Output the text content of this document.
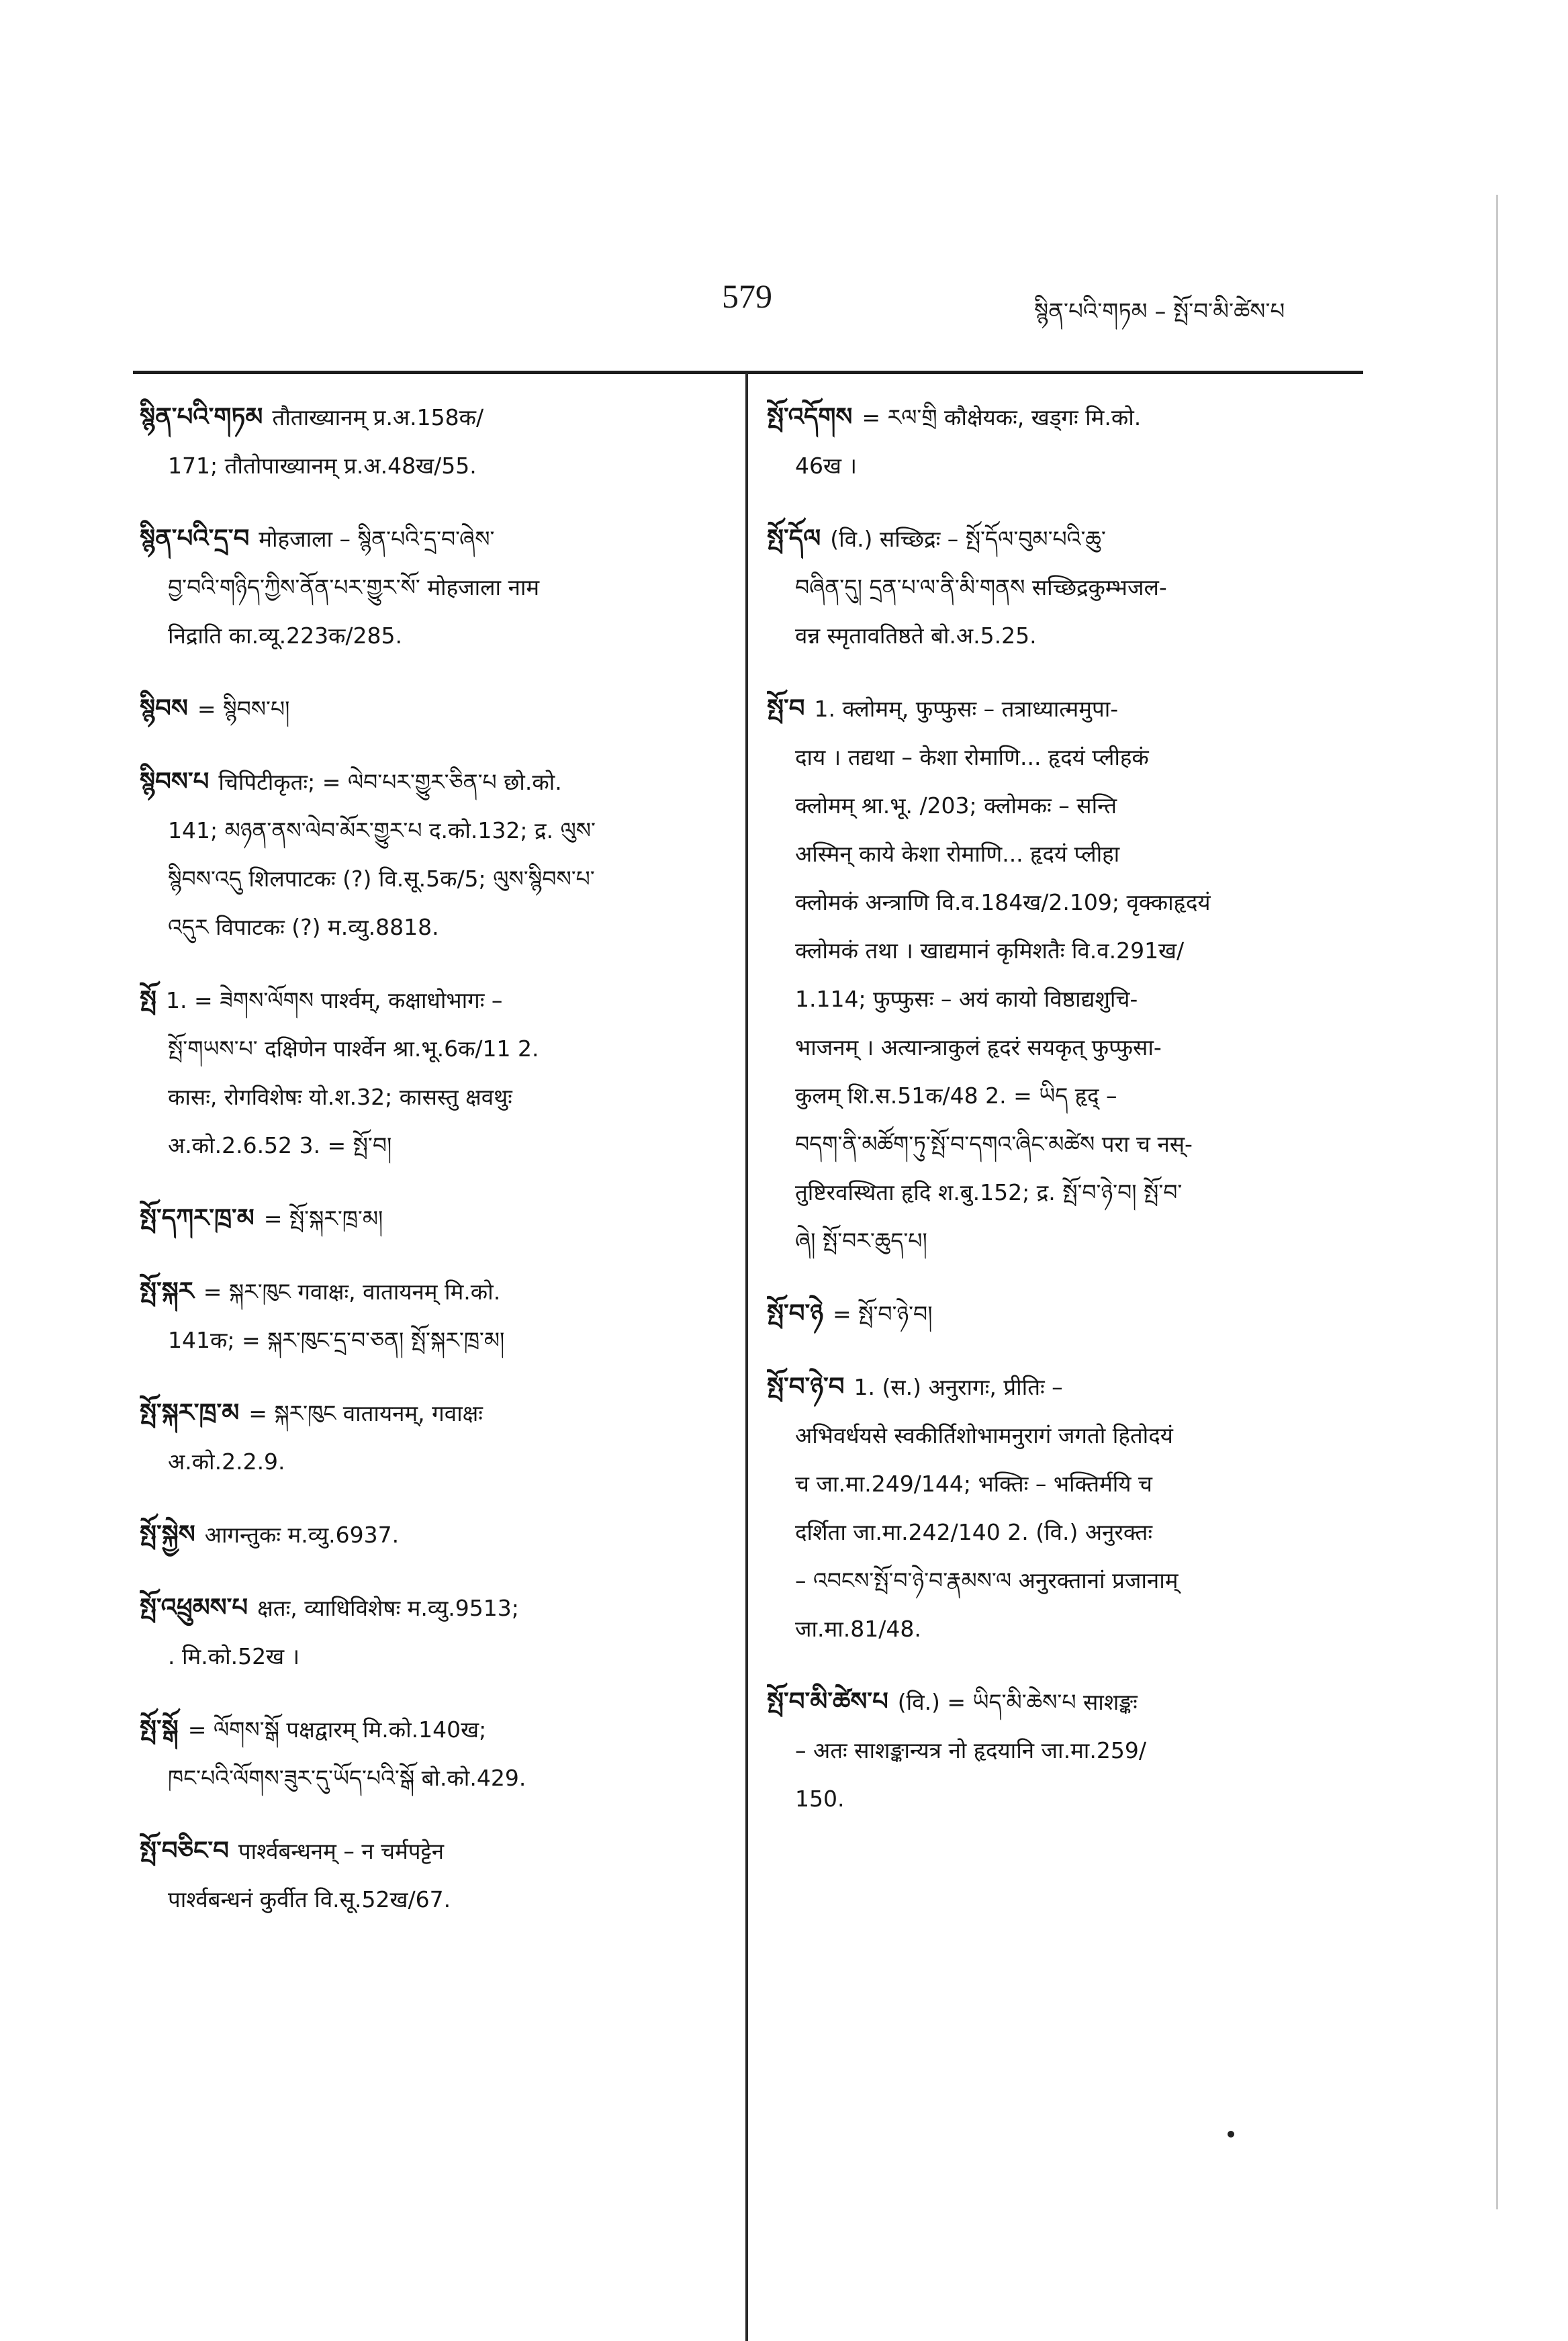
579	སྙིན་པའི་གཏམ – སྤོ་བ་མི་ཚེས་པ
སྙིན་པའི་གཏམ तौताख्यानम् प्र.अ.158क/
171; तौतोपाख्यानम् प्र.अ.48ख/55.
སྙིན་པའི་དྲ་བ मोहजाला – སྙིན་པའི་དྲ་བ་ཞེས་
བྱ་བའི་གཉིད་ཀྱིས་ནོན་པར་གྱུར་སོ་ मोहजाला नाम
निद्राति का.व्यू.223क/285.
སྙིབས = སྙིབས་པ།
སྙིབས་པ चिपिटीकृतः; = ལེབ་པར་གྱུར་ཅིན་པ छो.को.
141; མཉན་ནས་ལེབ་མོར་གྱུར་པ द.को.132; द्र. ལུས་
སྙིབས་འདུ शिलपाटकः (?) वि.सू.5क/5; ལུས་སྙིབས་པ་
འདུར विपाटकः (?) म.व्यु.8818.
སྤོ 1. = ཟེགས་ལོགས पार्श्वम्, कक्षाधोभागः –
སྤོ་གཡས་པ་ दक्षिणेन पार्श्वेन श्रा.भू.6क/11 2.
कासः, रोगविशेषः यो.श.32; कासस्तु क्षवथुः
अ.को.2.6.52 3. = སྤོ་བ།
སྤོ་དཀར་ཁྲ་མ = སྤོ་སྐར་ཁྲ་མ།
སྤོ་སྐར = སྐར་ཁུང गवाक्षः, वातायनम् मि.को.
141क; = སྐར་ཁུང་དྲ་བ་ཅན། སྤོ་སྐར་ཁྲ་མ།
སྤོ་སྐར་ཁྲ་མ = སྐར་ཁུང वातायनम्, गवाक्षः
अ.को.2.2.9.
སྤོ་སྐྱེས आगन्तुकः म.व्यु.6937.
སྤོ་འཕྲུམས་པ क्षतः, व्याधिविशेषः म.व्यु.9513;
. मि.को.52ख ।
སྤོ་སྒོ = ལོགས་སྒོ पक्षद्वारम् मि.को.140ख;
ཁང་པའི་ལོགས་ཟུར་དུ་ཡོད་པའི་སྒོ बो.को.429.
སྤོ་བཅིང་བ पार्श्वबन्धनम् – न चर्मपट्टेन
पार्श्वबन्धनं कुर्वीत वि.सू.52ख/67.
སྤོ་འདོགས = རལ་གྲི कौक्षेयकः, खड्गः मि.को.
46ख ।
སྤོ་དོལ (वि.) सच्छिद्रः – སྤོ་དོལ་བུམ་པའི་ཆུ་
བཞིན་དུ། དྲན་པ་ལ་ནི་མི་གནས सच्छिद्रकुम्भजल-
वन्न स्मृतावतिष्ठते बो.अ.5.25.
སྤོ་བ 1. क्लोमम्, फुप्फुसः – तत्राध्यात्ममुपा-
दाय । तद्यथा – केशा रोमाणि... हृदयं प्लीहकं
क्लोमम् श्रा.भू. /203; क्लोमकः – सन्ति
अस्मिन् काये केशा रोमाणि... हृदयं प्लीहा
क्लोमकं अन्त्राणि वि.व.184ख/2.109; वृक्काहृदयं
क्लोमकं तथा । खाद्यमानं कृमिशतैः वि.व.291ख/
1.114; फुप्फुसः – अयं कायो विष्ठाद्यशुचि-
भाजनम् । अत्यान्त्राकुलं हृदरं सयकृत् फुप्फुसा-
कुलम् शि.स.51क/48 2. = ཡིད हृद् –
བདག་ནི་མཚོག་ཏུ་སྤོ་བ་དགའ་ཞིང་མཚེས परा च नस्-
तुष्टिरवस्थिता हृदि श.बु.152; द्र. སྤོ་བ་ཉེ་བ། སྤོ་བ་
ཞེ། སྤོ་བར་ཆུད་པ།
སྤོ་བ་ཉེ = སྤོ་བ་ཉེ་བ།
སྤོ་བ་ཉེ་བ 1. (स.) अनुरागः, प्रीतिः –
अभिवर्धयसे स्वकीर्तिशोभामनुरागं जगतो हितोदयं
च जा.मा.249/144; भक्तिः – भक्तिर्मयि च
दर्शिता जा.मा.242/140 2. (वि.) अनुरक्तः
– འབངས་སྤོ་བ་ཉེ་བ་རྣམས་ལ अनुरक्तानां प्रजानाम्
जा.मा.81/48.
སྤོ་བ་མི་ཚེས་པ (वि.) = ཡིད་མི་ཆེས་པ साशङ्कः
– अतः साशङ्कान्यत्र नो हृदयानि जा.मा.259/
150.
